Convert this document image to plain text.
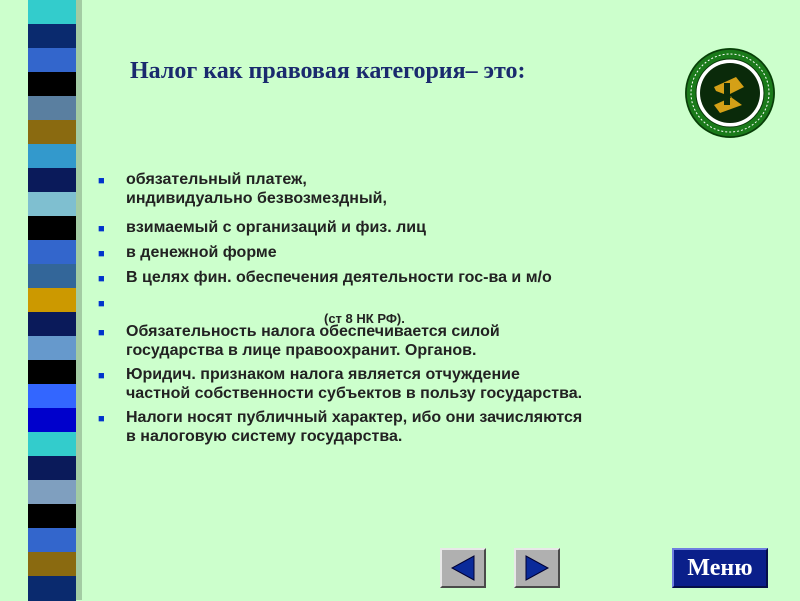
Налог как правовая категория– это:
■ обязательный платеж,
индивидуально безвозмездный,
■ взимаемый с организаций и физ. лиц
■ в денежной форме
■ В целях фин. обеспечения деятельности гос-ва и м/о
■
(ст 8 НК РФ).
■ Обязательность налога обеспечивается силой
государства в лице правоохранит. Органов.
■ Юридич. признаком налога является отчуждение
частной собственности субъектов в пользу государства.
■ Налоги носят публичный характер, ибо они зачисляются
в налоговую систему государства.
Меню
